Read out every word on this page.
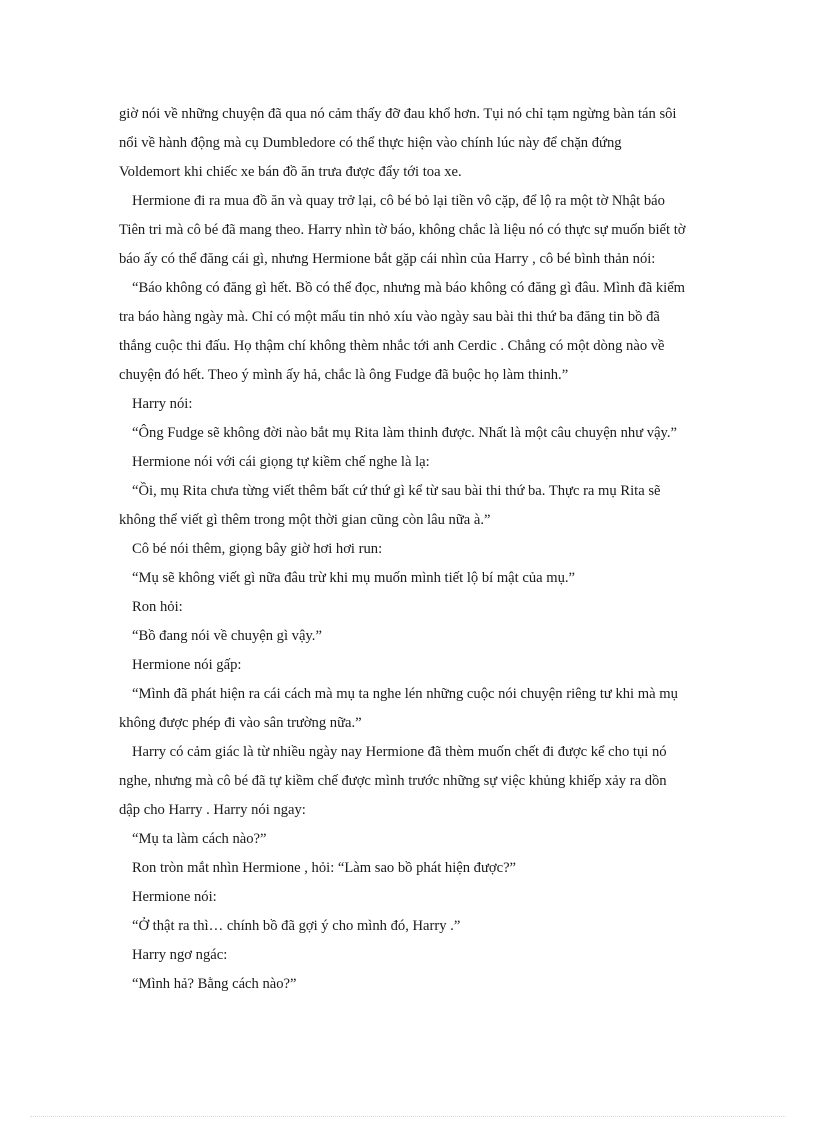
giờ nói về những chuyện đã qua nó cảm thấy đỡ đau khổ hơn. Tụi nó chỉ tạm ngừng bàn tán sôi
nổi về hành động mà cụ Dumbledore có thể thực hiện vào chính lúc này để chặn đứng
Voldemort khi chiếc xe bán đồ ăn trưa được đẩy tới toa xe.
Hermione đi ra mua đồ ăn và quay trở lại, cô bé bỏ lại tiền vô cặp, để lộ ra một tờ Nhật báo
Tiên tri mà cô bé đã mang theo. Harry nhìn tờ báo, không chắc là liệu nó có thực sự muốn biết tờ
báo ấy có thể đăng cái gì, nhưng Hermione bắt gặp cái nhìn của Harry , cô bé bình thản nói:
“Báo không có đăng gì hết. Bồ có thể đọc, nhưng mà báo không có đăng gì đâu. Mình đã kiểm
tra báo hàng ngày mà. Chỉ có một mẩu tin nhỏ xíu vào ngày sau bài thi thứ ba đăng tin bồ đã
thắng cuộc thi đấu. Họ thậm chí không thèm nhắc tới anh Cerdic . Chẳng có một dòng nào về
chuyện đó hết. Theo ý mình ấy hả, chắc là ông Fudge đã buộc họ làm thinh.”
Harry nói:
“Ông Fudge sẽ không đời nào bắt mụ Rita làm thinh được. Nhất là một câu chuyện như vậy.”
Hermione nói với cái giọng tự kiềm chế nghe là lạ:
“Ồi, mụ Rita chưa từng viết thêm bất cứ thứ gì kể từ sau bài thi thứ ba. Thực ra mụ Rita sẽ
không thể viết gì thêm trong một thời gian cũng còn lâu nữa à.”
Cô bé nói thêm, giọng bây giờ hơi hơi run:
“Mụ sẽ không viết gì nữa đâu trừ khi mụ muốn mình tiết lộ bí mật của mụ.”
Ron hỏi:
“Bồ đang nói về chuyện gì vậy.”
Hermione nói gấp:
“Mình đã phát hiện ra cái cách mà mụ ta nghe lén những cuộc nói chuyện riêng tư khi mà mụ
không được phép đi vào sân trường nữa.”
Harry có cảm giác là từ nhiều ngày nay Hermione đã thèm muốn chết đi được kể cho tụi nó
nghe, nhưng mà cô bé đã tự kiềm chế được mình trước những sự việc khủng khiếp xảy ra dồn
dập cho Harry . Harry nói ngay:
“Mụ ta làm cách nào?”
Ron tròn mắt nhìn Hermione , hỏi: “Làm sao bồ phát hiện được?”
Hermione nói:
“Ở thật ra thì… chính bồ đã gợi ý cho mình đó, Harry .”
Harry ngơ ngác:
“Mình hả? Bằng cách nào?”
